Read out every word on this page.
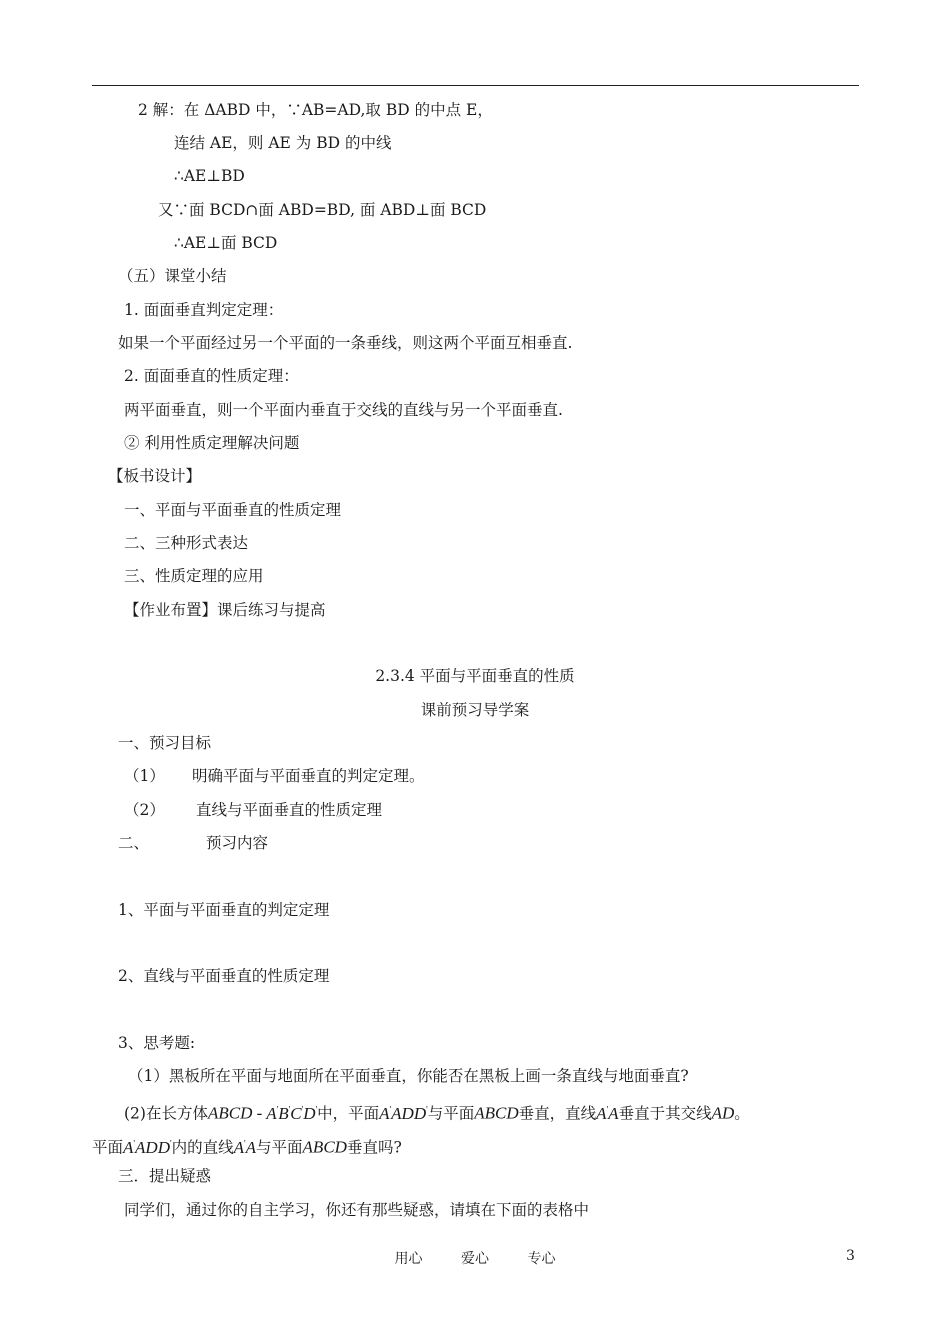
2 解：在 ΔABD 中，∵AB=AD,取 BD 的中点 E，
连结 AE，则 AE 为 BD 的中线
∴AE⊥BD
又∵面 BCD∩面 ABD=BD, 面 ABD⊥面 BCD
∴AE⊥面 BCD
（五）课堂小结
1. 面面垂直判定定理：
如果一个平面经过另一个平面的一条垂线，则这两个平面互相垂直.
2. 面面垂直的性质定理：
两平面垂直，则一个平面内垂直于交线的直线与另一个平面垂直.
② 利用性质定理解决问题
【板书设计】
一、平面与平面垂直的性质定理
二、三种形式表达
三、性质定理的应用
【作业布置】课后练习与提高
2.3.4 平面与平面垂直的性质
课前预习导学案
一、预习目标
（1） 明确平面与平面垂直的判定定理。
（2） 直线与平面垂直的性质定理
二、	预习内容
1、平面与平面垂直的判定定理
2、直线与平面垂直的性质定理
3、思考题:
（1）黑板所在平面与地面所在平面垂直，你能否在黑板上画一条直线与地面垂直?
(2)在长方体ABCD - A'B'C'D'中，平面A'ADD'与平面ABCD垂直，直线A'A垂直于其交线AD。
平面A'ADD'内的直线A'A与平面ABCD垂直吗?
三．提出疑惑
同学们，通过你的自主学习，你还有那些疑惑，请填在下面的表格中
用心	爱心	专心	3
